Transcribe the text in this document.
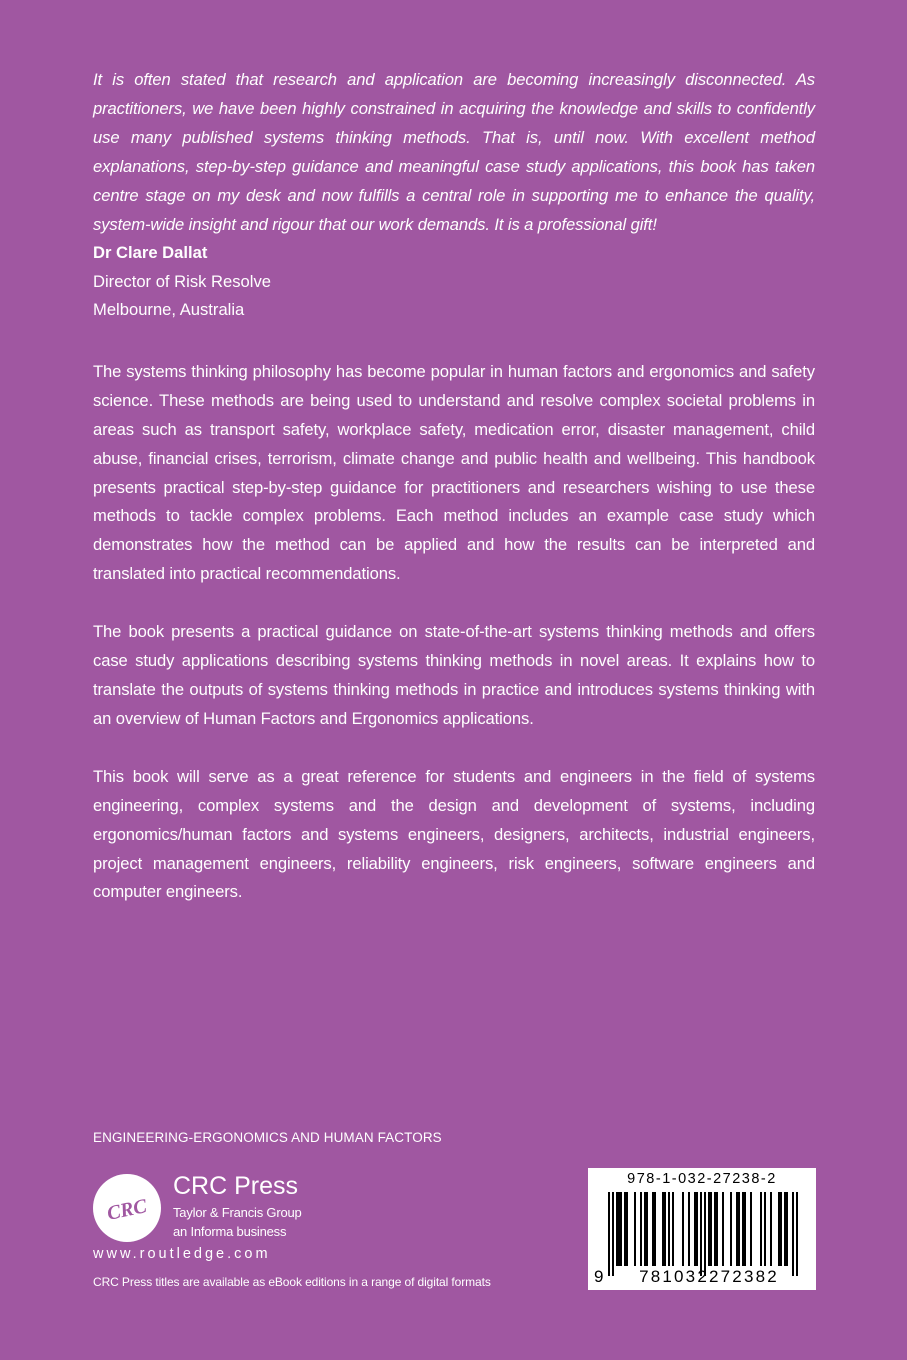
It is often stated that research and application are becoming increasingly disconnected. As practitioners, we have been highly constrained in acquiring the knowledge and skills to confidently use many published systems thinking methods. That is, until now. With excellent method explanations, step-by-step guidance and meaningful case study applications, this book has taken centre stage on my desk and now fulfills a central role in supporting me to enhance the quality, system-wide insight and rigour that our work demands. It is a professional gift!

Dr Clare Dallat

Director of Risk Resolve

Melbourne, Australia

The systems thinking philosophy has become popular in human factors and ergonomics and safety science. These methods are being used to understand and resolve complex societal problems in areas such as transport safety, workplace safety, medication error, disaster management, child abuse, financial crises, terrorism, climate change and public health and wellbeing. This handbook presents practical step-by-step guidance for practitioners and researchers wishing to use these methods to tackle complex problems. Each method includes an example case study which demonstrates how the method can be applied and how the results can be interpreted and translated into practical recommendations.

The book presents a practical guidance on state-of-the-art systems thinking methods and offers case study applications describing systems thinking methods in novel areas. It explains how to translate the outputs of systems thinking methods in practice and introduces systems thinking with an overview of Human Factors and Ergonomics applications.

This book will serve as a great reference for students and engineers in the field of systems engineering, complex systems and the design and development of systems, including ergonomics/human factors and systems engineers, designers, architects, industrial engineers, project management engineers, reliability engineers, risk engineers, software engineers and computer engineers.

ENGINEERING-ERGONOMICS AND HUMAN FACTORS
CRC
CRC Press
Taylor & Francis Group
an Informa business
www.routledge.com
CRC Press titles are available as eBook editions in a range of digital formats
978-1-032-27238-2
9	781032272382
